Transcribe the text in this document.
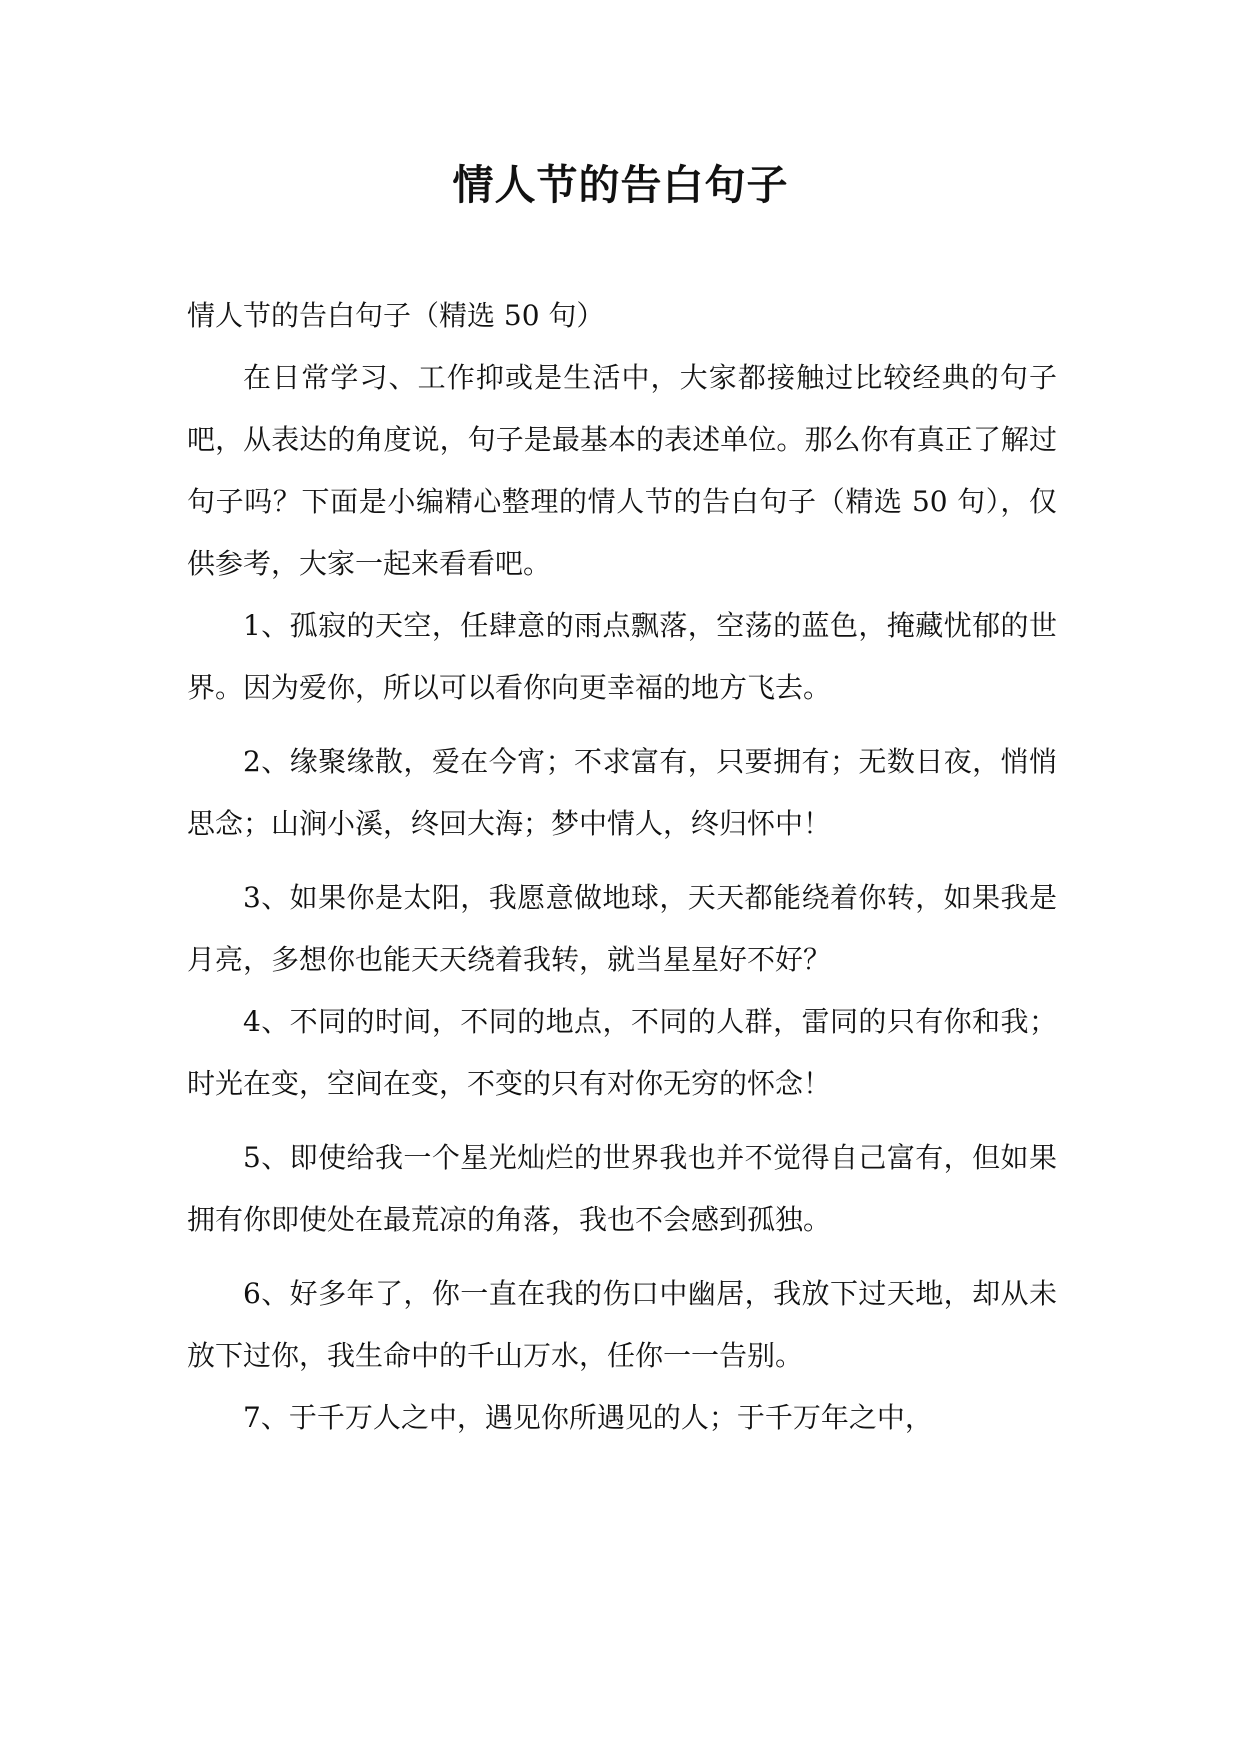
情人节的告白句子

情人节的告白句子（精选 50 句）

在日常学习、工作抑或是生活中，大家都接触过比较经典的句子吧，从表达的角度说，句子是最基本的表述单位。那么你有真正了解过句子吗？下面是小编精心整理的情人节的告白句子（精选 50 句），仅供参考，大家一起来看看吧。

1、孤寂的天空，任肆意的雨点飘落，空荡的蓝色，掩藏忧郁的世界。因为爱你，所以可以看你向更幸福的地方飞去。

2、缘聚缘散，爱在今宵；不求富有，只要拥有；无数日夜，悄悄思念；山涧小溪，终回大海；梦中情人，终归怀中！

3、如果你是太阳，我愿意做地球，天天都能绕着你转，如果我是月亮，多想你也能天天绕着我转，就当星星好不好？

4、不同的时间，不同的地点，不同的人群，雷同的只有你和我；时光在变，空间在变，不变的只有对你无穷的怀念！

5、即使给我一个星光灿烂的世界我也并不觉得自己富有，但如果拥有你即使处在最荒凉的角落，我也不会感到孤独。

6、好多年了，你一直在我的伤口中幽居，我放下过天地，却从未放下过你，我生命中的千山万水，任你一一告别。

7、于千万人之中，遇见你所遇见的人；于千万年之中，
